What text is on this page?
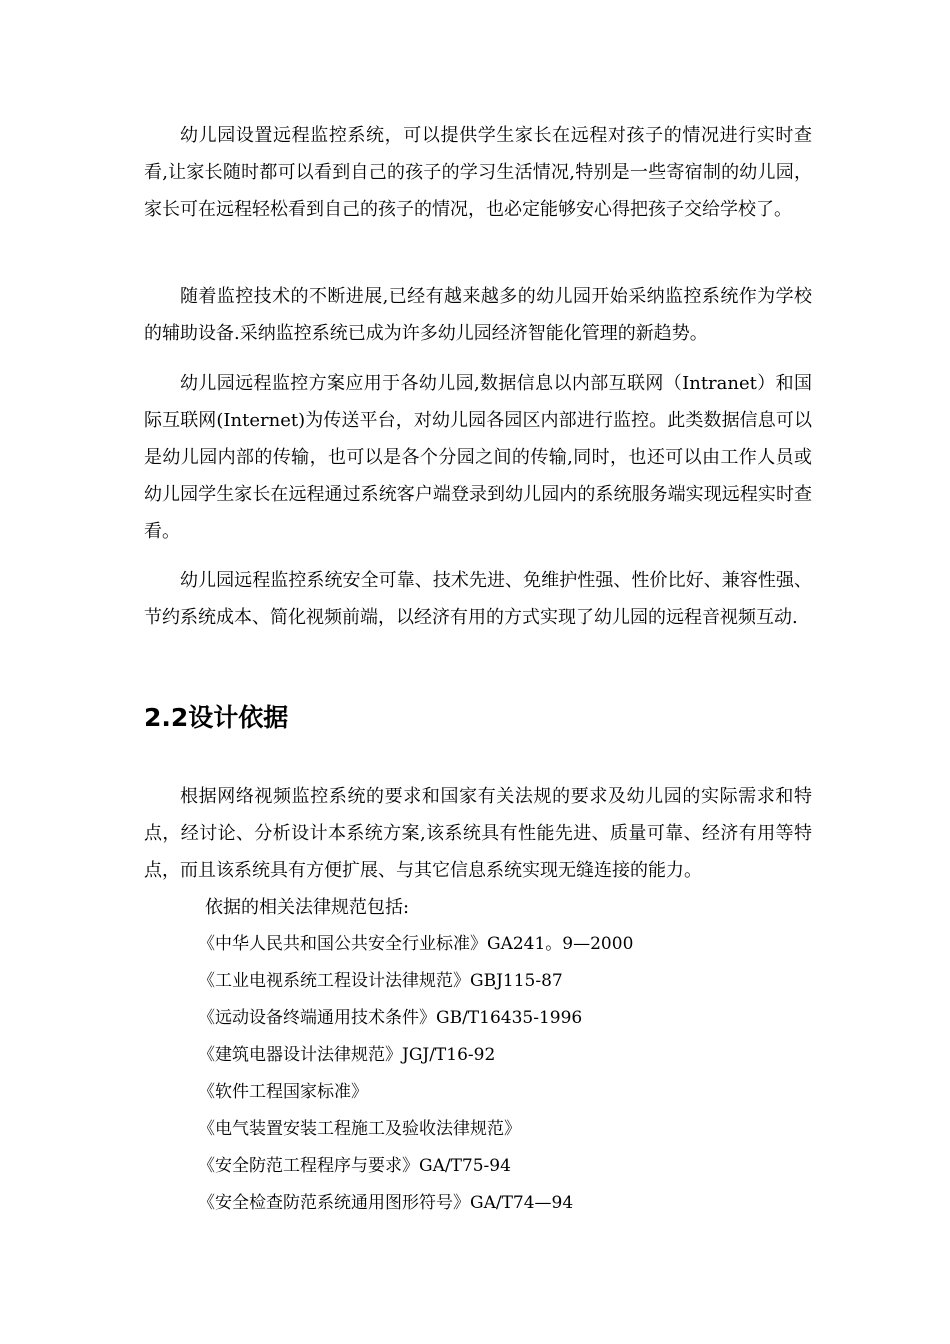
幼儿园设置远程监控系统，可以提供学生家长在远程对孩子的情况进行实时查看,让家长随时都可以看到自己的孩子的学习生活情况,特别是一些寄宿制的幼儿园，家长可在远程轻松看到自己的孩子的情况，也必定能够安心得把孩子交给学校了。

随着监控技术的不断进展,已经有越来越多的幼儿园开始采纳监控系统作为学校的辅助设备.采纳监控系统已成为许多幼儿园经济智能化管理的新趋势。

幼儿园远程监控方案应用于各幼儿园,数据信息以内部互联网（Intranet）和国际互联网(Internet)为传送平台，对幼儿园各园区内部进行监控。此类数据信息可以是幼儿园内部的传输，也可以是各个分园之间的传输,同时，也还可以由工作人员或幼儿园学生家长在远程通过系统客户端登录到幼儿园内的系统服务端实现远程实时查看。

幼儿园远程监控系统安全可靠、技术先进、免维护性强、性价比好、兼容性强、节约系统成本、简化视频前端，以经济有用的方式实现了幼儿园的远程音视频互动.

2.2设计依据

根据网络视频监控系统的要求和国家有关法规的要求及幼儿园的实际需求和特点，经讨论、分析设计本系统方案,该系统具有性能先进、质量可靠、经济有用等特点，而且该系统具有方便扩展、与其它信息系统实现无缝连接的能力。

依据的相关法律规范包括:

《中华人民共和国公共安全行业标准》GA241。9—2000
《工业电视系统工程设计法律规范》GBJ115-87
《远动设备终端通用技术条件》GB/T16435-1996
《建筑电器设计法律规范》JGJ/T16-92
《软件工程国家标准》
《电气装置安装工程施工及验收法律规范》
《安全防范工程程序与要求》GA/T75-94
《安全检查防范系统通用图形符号》GA/T74—94
